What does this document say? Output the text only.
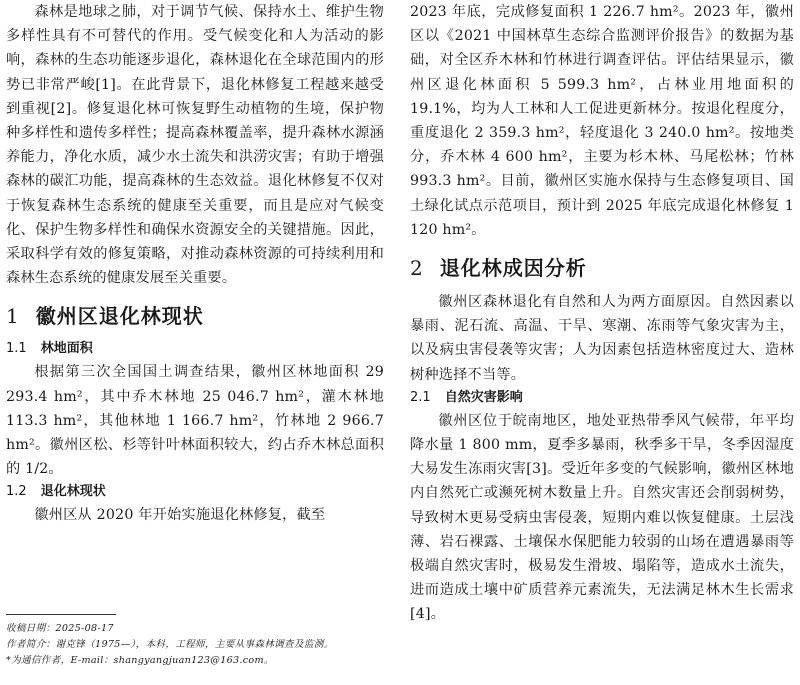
森林是地球之肺，对于调节气候、保持水土、维护生物多样性具有不可替代的作用。受气候变化和人为活动的影响，森林的生态功能逐步退化，森林退化在全球范围内的形势已非常严峻[1]。在此背景下，退化林修复工程越来越受到重视[2]。修复退化林可恢复野生动植物的生境，保护物种多样性和遗传多样性；提高森林覆盖率，提升森林水源涵养能力，净化水质，减少水土流失和洪涝灾害；有助于增强森林的碳汇功能，提高森林的生态效益。退化林修复不仅对于恢复森林生态系统的健康至关重要，而且是应对气候变化、保护生物多样性和确保水资源安全的关键措施。因此，采取科学有效的修复策略，对推动森林资源的可持续利用和森林生态系统的健康发展至关重要。

1 徽州区退化林现状
1.1 林地面积

根据第三次全国国土调查结果，徽州区林地面积 29 293.4 hm²，其中乔木林地 25 046.7 hm²，灌木林地 113.3 hm²，其他林地 1 166.7 hm²，竹林地 2 966.7 hm²。徽州区松、杉等针叶林面积较大，约占乔木林总面积的 1/2。

1.2 退化林现状

徽州区从 2020 年开始实施退化林修复，截至

收稿日期：2025-08-17

作者简介：谢克锋（1975—），本科，工程师，主要从事森林调查及监测。

*为通信作者，E-mail：shangyangjuan123@163.com。

2023 年底，完成修复面积 1 226.7 hm²。2023 年，徽州区以《2021 中国林草生态综合监测评价报告》的数据为基础，对全区乔木林和竹林进行调查评估。评估结果显示，徽州区退化林面积 5 599.3 hm²，占林业用地面积的 19.1%，均为人工林和人工促进更新林分。按退化程度分，重度退化 2 359.3 hm²，轻度退化 3 240.0 hm²。按地类分，乔木林 4 600 hm²，主要为杉木林、马尾松林；竹林 993.3 hm²。目前，徽州区实施水保持与生态修复项目、国土绿化试点示范项目，预计到 2025 年底完成退化林修复 1 120 hm²。

2 退化林成因分析

徽州区森林退化有自然和人为两方面原因。自然因素以暴雨、泥石流、高温、干旱、寒潮、冻雨等气象灾害为主，以及病虫害侵袭等灾害；人为因素包括造林密度过大、造林树种选择不当等。

2.1 自然灾害影响

徽州区位于皖南地区，地处亚热带季风气候带，年平均降水量 1 800 mm，夏季多暴雨，秋季多干旱，冬季因湿度大易发生冻雨灾害[3]。受近年多变的气候影响，徽州区林地内自然死亡或濒死树木数量上升。自然灾害还会削弱树势，导致树木更易受病虫害侵袭，短期内难以恢复健康。土层浅薄、岩石裸露、土壤保水保肥能力较弱的山场在遭遇暴雨等极端自然灾害时，极易发生滑坡、塌陷等，造成水土流失，进而造成土壤中矿质营养元素流失，无法满足林木生长需求[4]。
